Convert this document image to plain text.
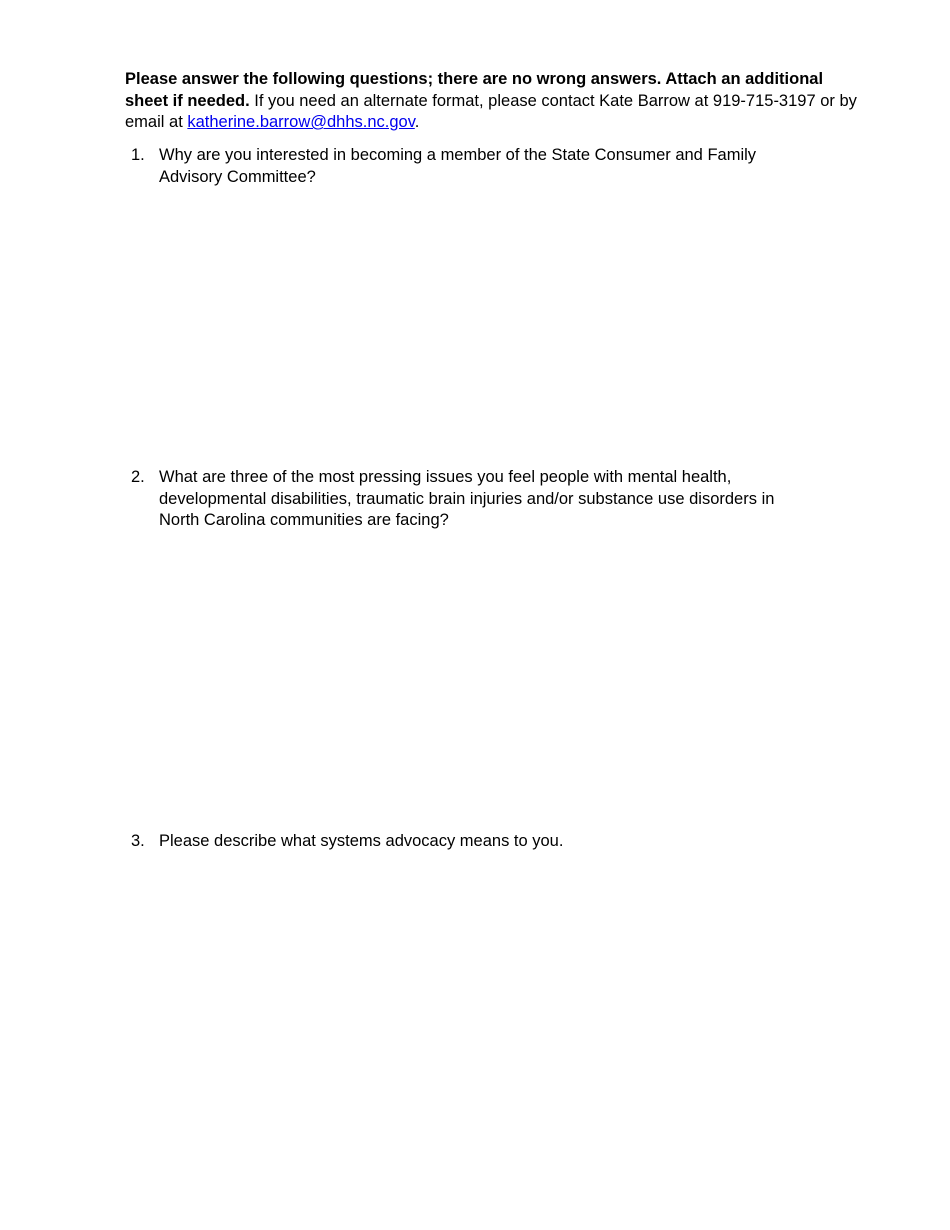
Please answer the following questions; there are no wrong answers. Attach an additional sheet if needed. If you need an alternate format, please contact Kate Barrow at 919-715-3197 or by email at katherine.barrow@dhhs.nc.gov.

1. Why are you interested in becoming a member of the State Consumer and Family Advisory Committee?
2. What are three of the most pressing issues you feel people with mental health, developmental disabilities, traumatic brain injuries and/or substance use disorders in North Carolina communities are facing?
3. Please describe what systems advocacy means to you.
